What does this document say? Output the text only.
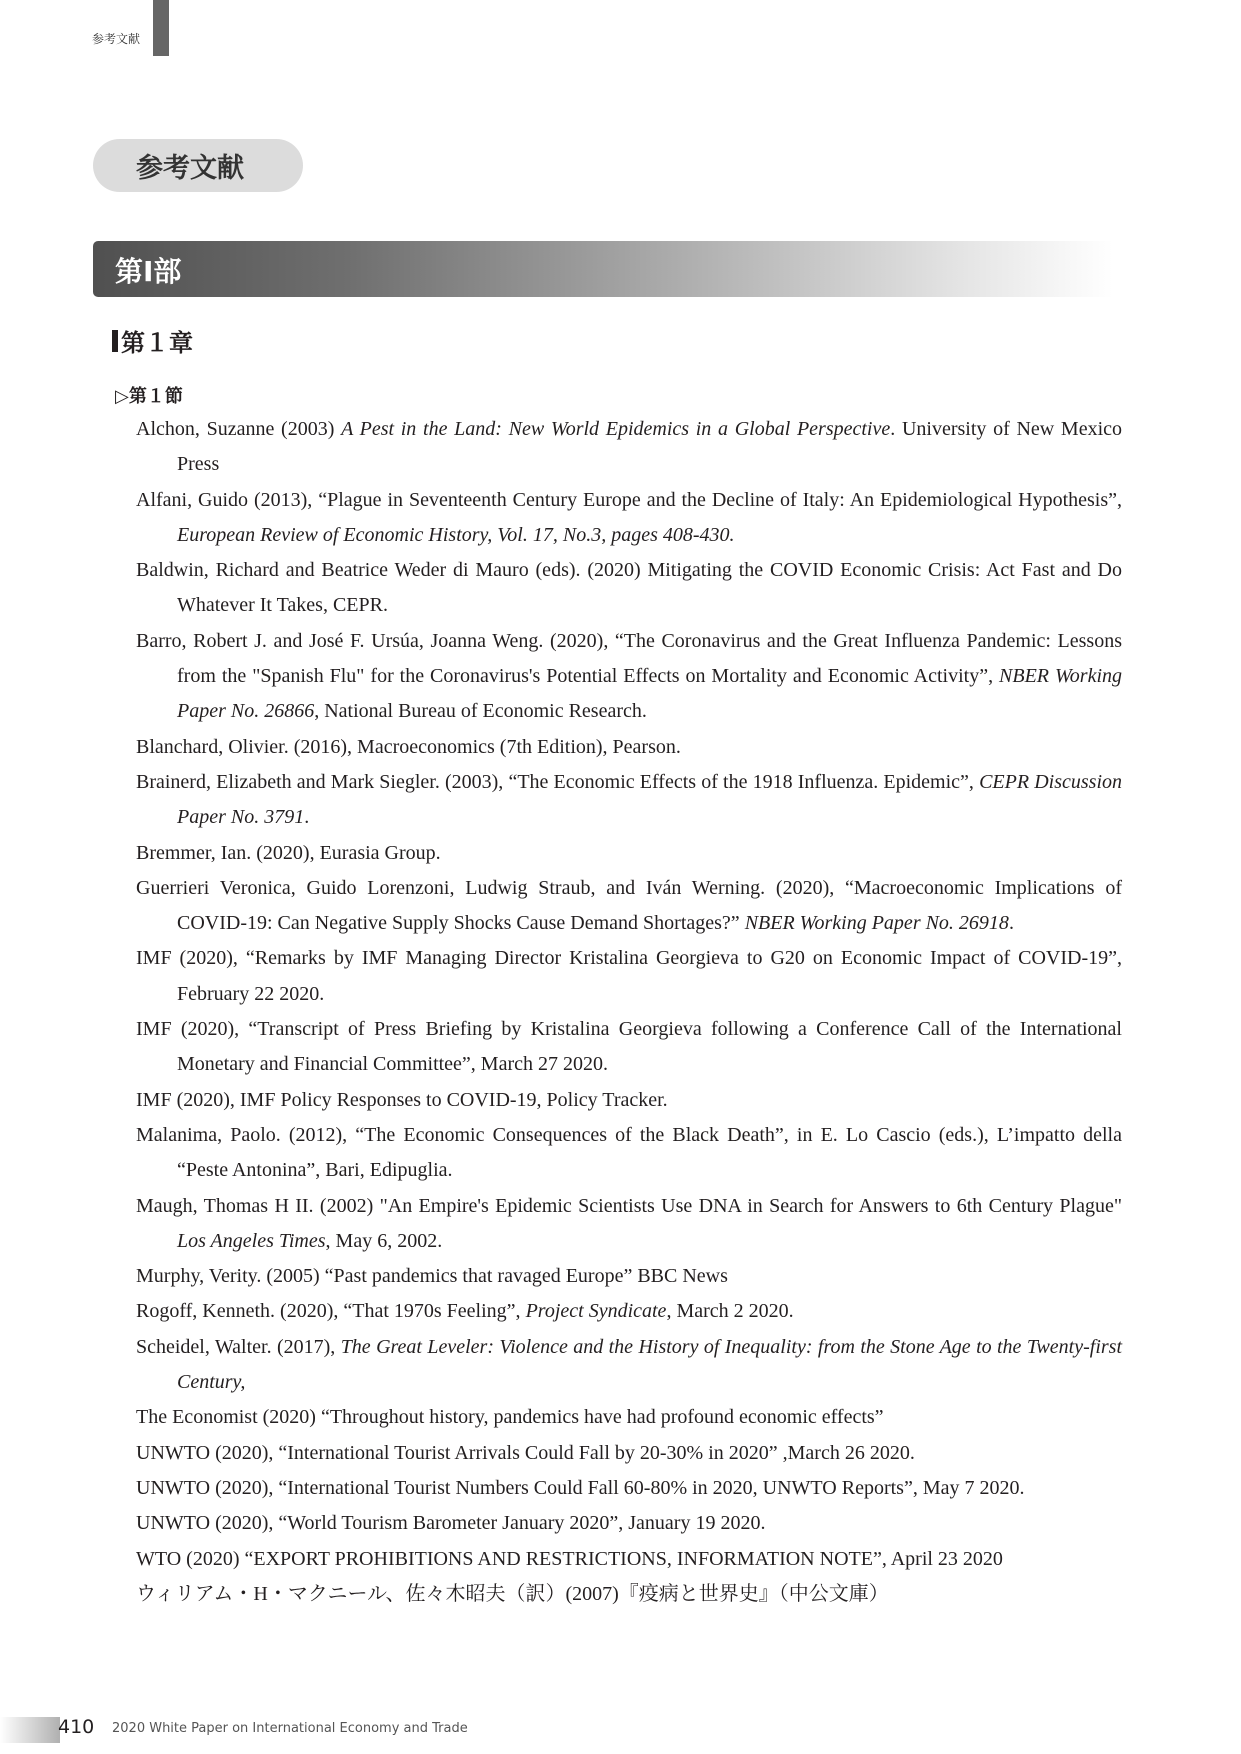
参考文献
参考文献
第Ⅰ部
第１章
▷第１節

Alchon, Suzanne (2003) A Pest in the Land: New World Epidemics in a Global Perspective. University of New Mexico Press

Alfani, Guido (2013), “Plague in Seventeenth Century Europe and the Decline of Italy: An Epidemiological Hypothesis”, European Review of Economic History, Vol. 17, No.3, pages 408-430.

Baldwin, Richard and Beatrice Weder di Mauro (eds). (2020) Mitigating the COVID Economic Crisis: Act Fast and Do Whatever It Takes, CEPR.

Barro, Robert J. and José F. Ursúa, Joanna Weng. (2020), “The Coronavirus and the Great Influenza Pandemic: Lessons from the "Spanish Flu" for the Coronavirus's Potential Effects on Mortality and Economic Activity”, NBER Working Paper No. 26866, National Bureau of Economic Research.

Blanchard, Olivier. (2016), Macroeconomics (7th Edition), Pearson.

Brainerd, Elizabeth and Mark Siegler. (2003), “The Economic Effects of the 1918 Influenza. Epidemic”, CEPR Discussion Paper No. 3791.

Bremmer, Ian. (2020), Eurasia Group.

Guerrieri Veronica, Guido Lorenzoni, Ludwig Straub, and Iván Werning. (2020), “Macroeconomic Implications of COVID-19: Can Negative Supply Shocks Cause Demand Shortages?” NBER Working Paper No. 26918.

IMF (2020), “Remarks by IMF Managing Director Kristalina Georgieva to G20 on Economic Impact of COVID-19”, February 22 2020.

IMF (2020), “Transcript of Press Briefing by Kristalina Georgieva following a Conference Call of the International Monetary and Financial Committee”, March 27 2020.

IMF (2020), IMF Policy Responses to COVID-19, Policy Tracker.

Malanima, Paolo. (2012), “The Economic Consequences of the Black Death”, in E. Lo Cascio (eds.), L’impatto della “Peste Antonina”, Bari, Edipuglia.

Maugh, Thomas H II. (2002) "An Empire's Epidemic Scientists Use DNA in Search for Answers to 6th Century Plague" Los Angeles Times, May 6, 2002.

Murphy, Verity. (2005) “Past pandemics that ravaged Europe” BBC News

Rogoff, Kenneth. (2020), “That 1970s Feeling”, Project Syndicate, March 2 2020.

Scheidel, Walter. (2017), The Great Leveler: Violence and the History of Inequality: from the Stone Age to the Twenty-first Century,

The Economist (2020) “Throughout history, pandemics have had profound economic effects”

UNWTO (2020), “International Tourist Arrivals Could Fall by 20-30% in 2020” ,March 26 2020.

UNWTO (2020), “International Tourist Numbers Could Fall 60-80% in 2020, UNWTO Reports”, May 7 2020.

UNWTO (2020), “World Tourism Barometer January 2020”, January 19 2020.

WTO (2020) “EXPORT PROHIBITIONS AND RESTRICTIONS, INFORMATION NOTE”, April 23 2020

ウィリアム・H・マクニール、佐々木昭夫（訳）(2007)『疫病と世界史』（中公文庫）

410 2020 White Paper on International Economy and Trade
